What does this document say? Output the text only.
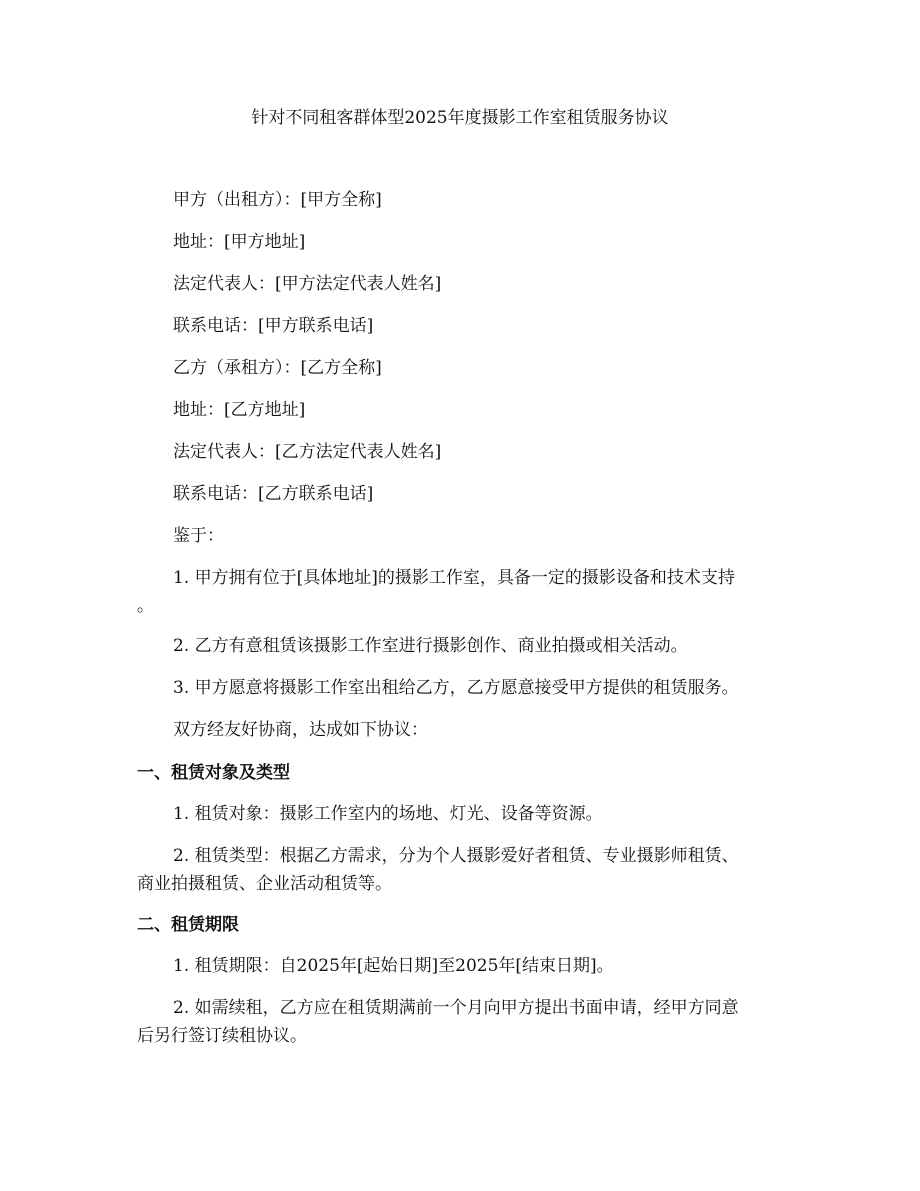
针对不同租客群体型2025年度摄影工作室租赁服务协议
甲方（出租方）：[甲方全称]
地址：[甲方地址]
法定代表人：[甲方法定代表人姓名]
联系电话：[甲方联系电话]
乙方（承租方）：[乙方全称]
地址：[乙方地址]
法定代表人：[乙方法定代表人姓名]
联系电话：[乙方联系电话]
鉴于：
1. 甲方拥有位于[具体地址]的摄影工作室，具备一定的摄影设备和技术支持
。
2. 乙方有意租赁该摄影工作室进行摄影创作、商业拍摄或相关活动。
3. 甲方愿意将摄影工作室出租给乙方，乙方愿意接受甲方提供的租赁服务。
双方经友好协商，达成如下协议：
一、租赁对象及类型
1. 租赁对象：摄影工作室内的场地、灯光、设备等资源。
2. 租赁类型：根据乙方需求，分为个人摄影爱好者租赁、专业摄影师租赁、
商业拍摄租赁、企业活动租赁等。
二、租赁期限
1. 租赁期限：自2025年[起始日期]至2025年[结束日期]。
2. 如需续租，乙方应在租赁期满前一个月向甲方提出书面申请，经甲方同意
后另行签订续租协议。
